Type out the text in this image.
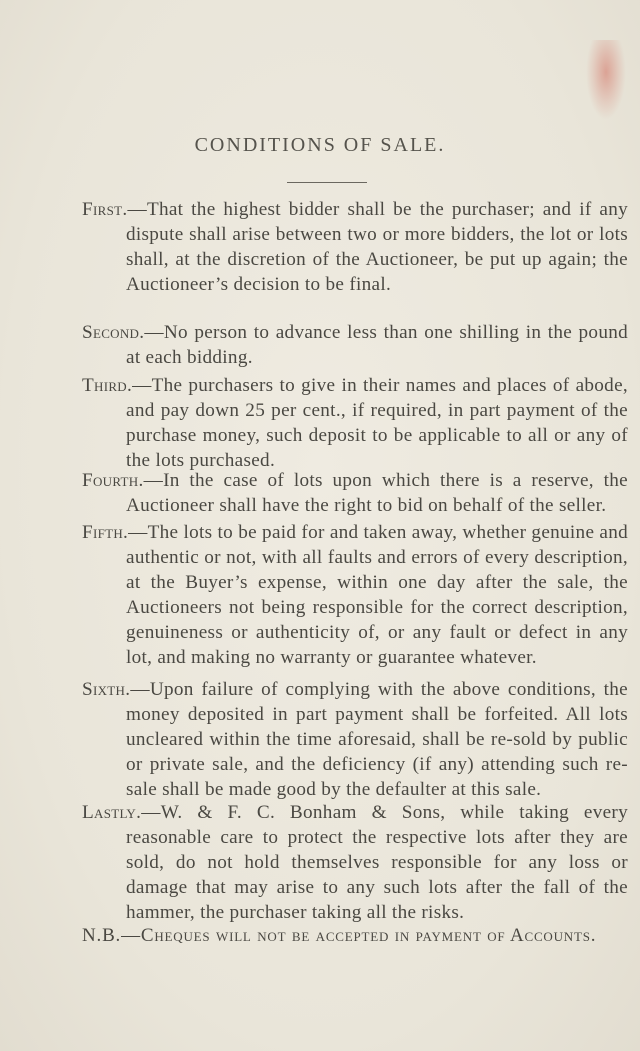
CONDITIONS OF SALE.

First.—That the highest bidder shall be the purchaser; and if any dispute shall arise between two or more bidders, the lot or lots shall, at the discretion of the Auctioneer, be put up again; the Auctioneer’s decision to be final.

Second.—No person to advance less than one shilling in the pound at each bidding.

Third.—The purchasers to give in their names and places of abode, and pay down 25 per cent., if required, in part payment of the purchase money, such deposit to be applicable to all or any of the lots purchased.

Fourth.—In the case of lots upon which there is a reserve, the Auctioneer shall have the right to bid on behalf of the seller.

Fifth.—The lots to be paid for and taken away, whether genuine and authentic or not, with all faults and errors of every description, at the Buyer’s expense, within one day after the sale, the Auctioneers not being responsible for the correct description, genuineness or authenticity of, or any fault or defect in any lot, and making no warranty or guarantee whatever.

Sixth.—Upon failure of complying with the above conditions, the money deposited in part payment shall be forfeited. All lots uncleared within the time aforesaid, shall be re-sold by public or private sale, and the deficiency (if any) attending such re-sale shall be made good by the defaulter at this sale.

Lastly.—W. & F. C. Bonham & Sons, while taking every reasonable care to protect the respective lots after they are sold, do not hold themselves responsible for any loss or damage that may arise to any such lots after the fall of the hammer, the purchaser taking all the risks.

N.B.—Cheques will not be accepted in payment of Accounts.
